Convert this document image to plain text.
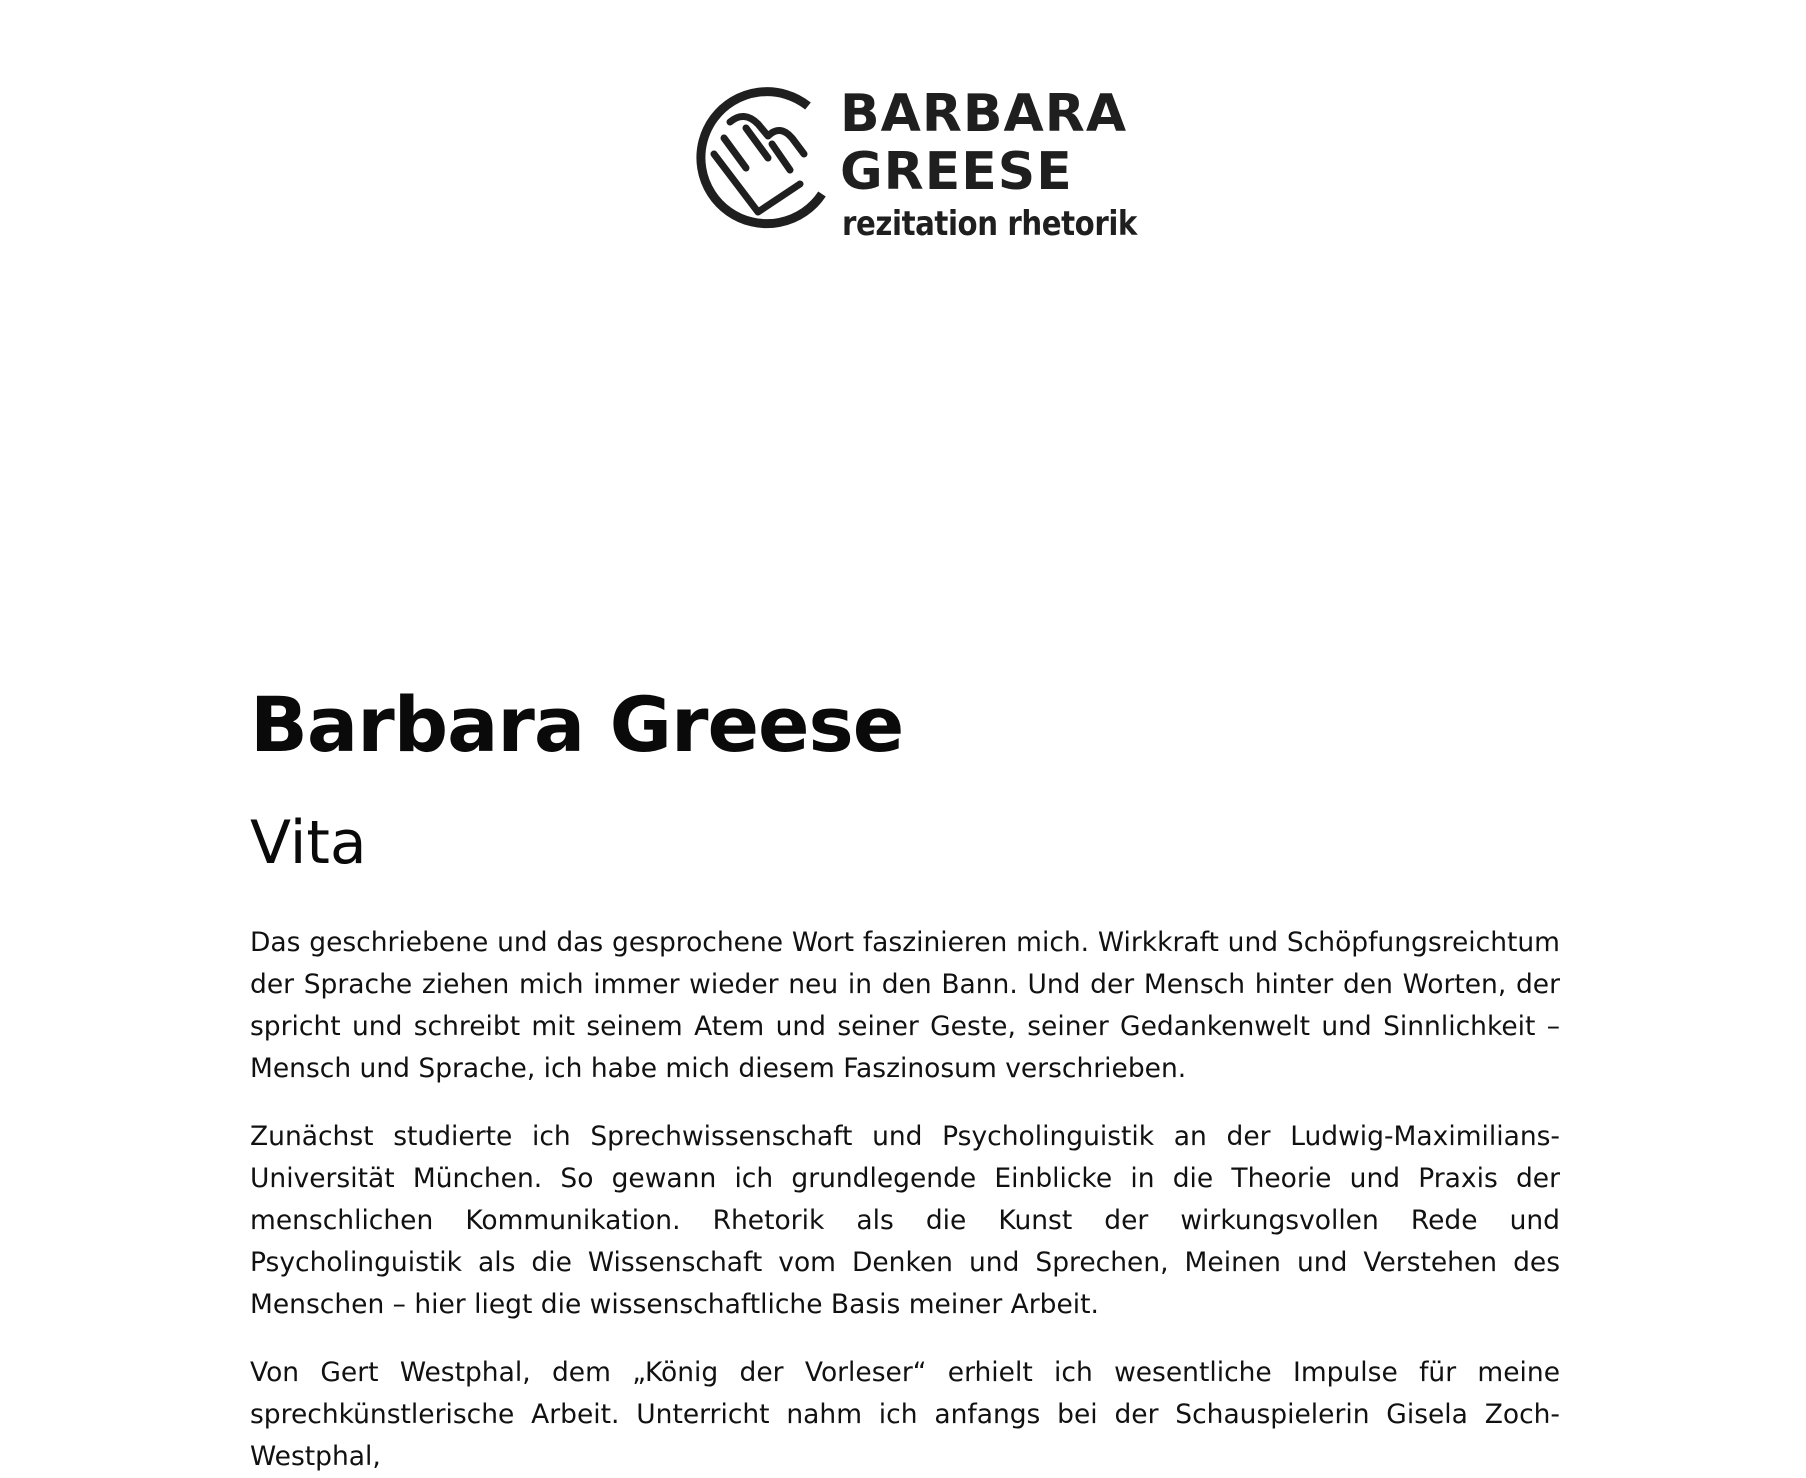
BARBARA
GREESE
rezitation rhetorik
Barbara Greese
Vita

Das geschriebene und das gesprochene Wort faszinieren mich. Wirkkraft und Schöpfungsreichtum der Sprache ziehen mich immer wieder neu in den Bann. Und der Mensch hinter den Worten, der spricht und schreibt mit seinem Atem und seiner Geste, seiner Gedankenwelt und Sinnlichkeit – Mensch und Sprache, ich habe mich diesem Faszinosum verschrieben.

Zunächst studierte ich Sprechwissenschaft und Psycholinguistik an der Ludwig-Maximilians-Universität München. So gewann ich grundlegende Einblicke in die Theorie und Praxis der menschlichen Kommunikation. Rhetorik als die Kunst der wirkungsvollen Rede und Psycholinguistik als die Wissenschaft vom Denken und Sprechen, Meinen und Verstehen des Menschen – hier liegt die wissenschaftliche Basis meiner Arbeit.

Von Gert Westphal, dem „König der Vorleser“ erhielt ich wesentliche Impulse für meine sprechkünstlerische Arbeit. Unterricht nahm ich anfangs bei der Schauspielerin Gisela Zoch-Westphal,
